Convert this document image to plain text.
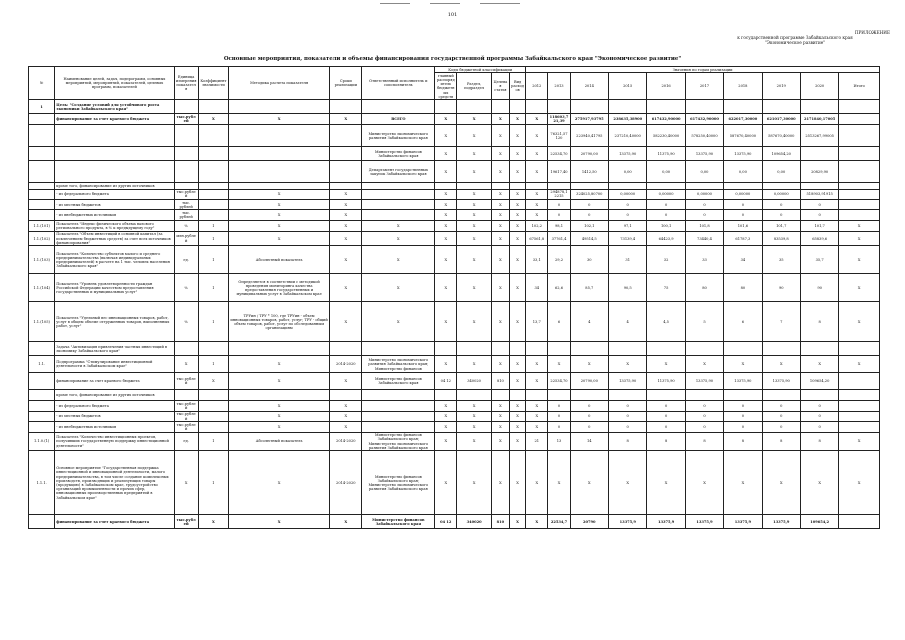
101
ПРИЛОЖЕНИЕ
к государственной программе Забайкальского края
"Экономическое развитие"
Основные мероприятия, показатели и объемы финансирования государственной программы Забайкальского края "Экономическое развитие"
№	Наименование целей, задач, подпрограмм, основных мероприятий, мероприятий, показателей, целевых программ, показателей	Единица измерения показателя	Коэффициент значимости	Методика расчета показателя	Сроки реализации	Ответственный исполнитель и соисполнитель	Коды бюджетной классификации				Значения по годам реализации									
							главный распорядитель бюджетных средств	Раздел, подраздел	Целевая статья	Вид расходов	2012	2013	2014	2015	2016	2017	2018	2019	2020	Итого
1	Цель: "Создание условий для устойчивого роста экономики Забайкальского края"																			
	финансирование за счет краевого бюджета	тыс.рублей	X	X	X	ВСЕГО	X	X	X	X	X	118603,721,39	275917,93795	238635,38900	617432,90000	617432,90000	622017,30000	621017,30000	2171840,17005	
						Министерство экономического развития Забайкальского края	X	X	X	X	X	76321,57120	223940,41795	237210,40000	582230,40000	578250,40000	587670,40000	587670,40000	2513267,99005	
						Министерство финансов Забайкальского края	X	X	X	X	X	22534,70	20790,00	13375,90	11375,90	13375,90	13375,90	109654,20		
						Департамент государственных закупок Забайкальского края	X	X	X	X	X	19617,40	1412,50	0,00	0,00	0,00	0,00	0,00	20829,90	
	кроме того, финансирование из других источников																			
	- из федерального бюджета	тыс.рублей		X	X		X	X	X	X	X	294878,12215	324025,80700	0,00000	0,00000	0,00000	0,00000	0,00000	518903,91915	
	- из местных бюджетов	тыс. рублей		X	X		X	X	X	X	X	0	0	0	0	0	0	0	0	
	- из внебюджетных источников	тыс. рублей		X	X		X	X	X	X	X	0	0	0	0	0	0	0	0	
1.1.(101)	Показатель "Индекс физического объема валового регионального продукта, в % к предыдущему году"	%	1	X	X	X	X	X	X	X	102,2	98,1	102,1	97,1	100,1	101,8	101,6	101,7	101,7	X
1.1.(102)	Показатель "Объем инвестиций в основной капитал (за исключением бюджетных средств) за счет всех источников финансирования"	млн.рублей	1	X	X	X	X	X	X	X	67561,8	37761,4	49514,5	73139,4	64423,9	73440,4	61787,3	83539,8	65839,6	X
1.1.(103)	Показатель "Количество субъектов малого и среднего предпринимательства (включая индивидуальных предпринимателей) в расчете на 1 тыс. человек населения Забайкальского края"	ед.	1	Абсолютный показатель	X	X	X	X	X	X	33,1	29,2	30	31	32	33	34	35	35,7	X
1.1.(104)	Показатель "Уровень удовлетворенности граждан Российской Федерации качеством предоставления государственных и муниципальных услуг"	%	1	Определяется в соответствии с методикой проведения мониторинга качества предоставления государственных и муниципальных услуг в Забайкальском крае	X	X	X	X	X	X	34	62,6	85,7	90,5	75	80	80	90	90	X
1.1.(105)	Показатель "Удельный вес инновационных товаров, работ, услуг в общем объеме отгруженных товаров, выполненных работ, услуг"	%	1	ТРУин / ТРУ * 100, где ТРУин - объем инновационных товаров, работ, услуг; ТРУ - общий объем товаров, работ, услуг по обследованным организациям	X	X	X	X	X	X	13,7	6	4	4	4,5	5	6	7	8	X
	Задача "Активизация привлечения частных инвестиций в экономику Забайкальского края"																			
1.1.	Подпрограмма "Стимулирование инвестиционной деятельности в Забайкальском крае"	X	1	X	2014-2020	Министерство экономического развития Забайкальского края; Министерство финансов	X	X	X	X	X	X	X	X	X	X	X	X	X	X
	финансирование за счет краевого бюджета	тыс.рублей	X	X	X	Министерство финансов Забайкальского края	04 12	340020	810	X	X	22534,70	20790,00	13375,90	11375,90	13375,90	13375,90	13375,90	109654,20	
	кроме того, финансирование из других источников																			
	- из федерального бюджета	тыс.рублей		X	X		X	X	X	X	X	0	0	0	0	0	0	0	0	
	- из местных бюджетов	тыс.рублей		X	X		X	X	X	X	X	0	0	0	0	0	0	0	0	
	- из внебюджетных источников	тыс.рублей		X	X		X	X	X	X	X	0	0	0	0	0	0	0	0	
1.1.0.(1)	Показатель "Количество инвестиционных проектов, получивших государственную поддержку инвестиционной деятельности"	ед.	1	Абсолютный показатель	2014-2020	Министерство финансов Забайкальского края; Министерство экономического развития Забайкальского края	X	X	X	X	21	13	14	8	8	8	8	8	8	X
1.1.1.	Основное мероприятие "Государственная поддержка инвестиционной и инновационной деятельности, малого предпринимательства, в том числе создание комплексных производств, производящих и реализующих товары (продукцию) в Забайкальском крае, трудоустройство организаций промышленности и прочих сфер, инновационных производственных предприятий в Забайкальском крае"	X	1	X	2014-2020	Министерство финансов Забайкальского края; Министерство экономического развития Забайкальского края	X	X	X	X	X	X	X	X	X	X	X	X	X	X
	финансирование за счет краевого бюджета	тыс.рублей	X	X	X	Министерство финансов Забайкальского края	04 12	340020	810	X	X	22534,7	20790	13375,9	13375,9	13375,9	13375,9	13375,9	109654,2	
